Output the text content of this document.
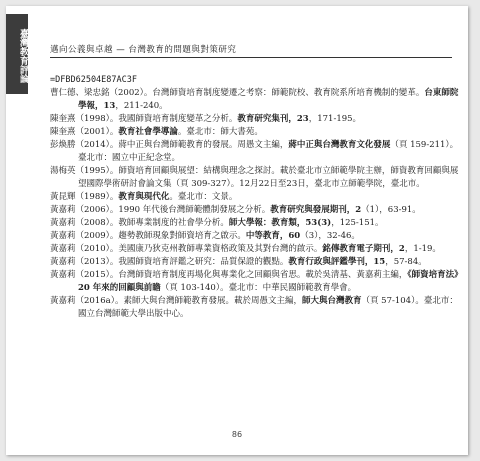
臺灣教育評論	邁向公義與卓越 — 台灣教育的問題與對策研究

=DFBD62504E87AC3F

曹仁德、梁忠銘（2002）。台灣師資培育制度變遷之考察：師範院校、教育院系所培育機制的變革。台東師院學報，13，211-240。

陳奎熹（1998）。我國師資培育制度變革之分析。教育研究集刊，23，171-195。

陳奎熹（2001）。教育社會學導論。臺北市：師大書苑。

彭煥勝（2014）。蔣中正與台灣師範教育的發展。周愚文主編，蔣中正與台灣教育文化發展（頁 159-211）。臺北市：國立中正紀念堂。

湯梅英（1995）。師資培育回顧與展望：結構與理念之探討。載於臺北市立師範學院主辦，師資教育回顧與展望國際學術研討會論文集（頁 309-327）。12月22日至23日，臺北市立師範學院，臺北市。

黃昆輝（1989）。教育與現代化。臺北市：文景。

黃嘉莉（2006）。1990 年代後台灣師範體制發展之分析。教育研究與發展期刊，2（1），63-91。

黃嘉莉（2008）。教師專業制度的社會學分析。師大學報：教育類，53(3)，125-151。

黃嘉莉（2009）。趨勢教師現象對師資培育之啟示。中等教育，60（3），32-46。

黃嘉莉（2010）。美國康乃狄克州教師專業資格政策及其對台灣的啟示。銘傳教育電子期刊，2，1-19。

黃嘉莉（2013）。我國師資培育評鑑之研究：品質保證的觀點。教育行政與評鑑學刊，15，57-84。

黃嘉莉（2015）。台灣師資培育制度再場化與專業化之回顧與省思。載於吳清基、黃嘉莉主編，《師資培育法》20 年來的回顧與前瞻（頁 103-140）。臺北市：中華民國師範教育學會。

黃嘉莉（2016a）。素師大與台灣師範教育發展。載於周愚文主編，師大與台灣教育（頁 57-104）。臺北市：國立台灣師範大學出版中心。

86
